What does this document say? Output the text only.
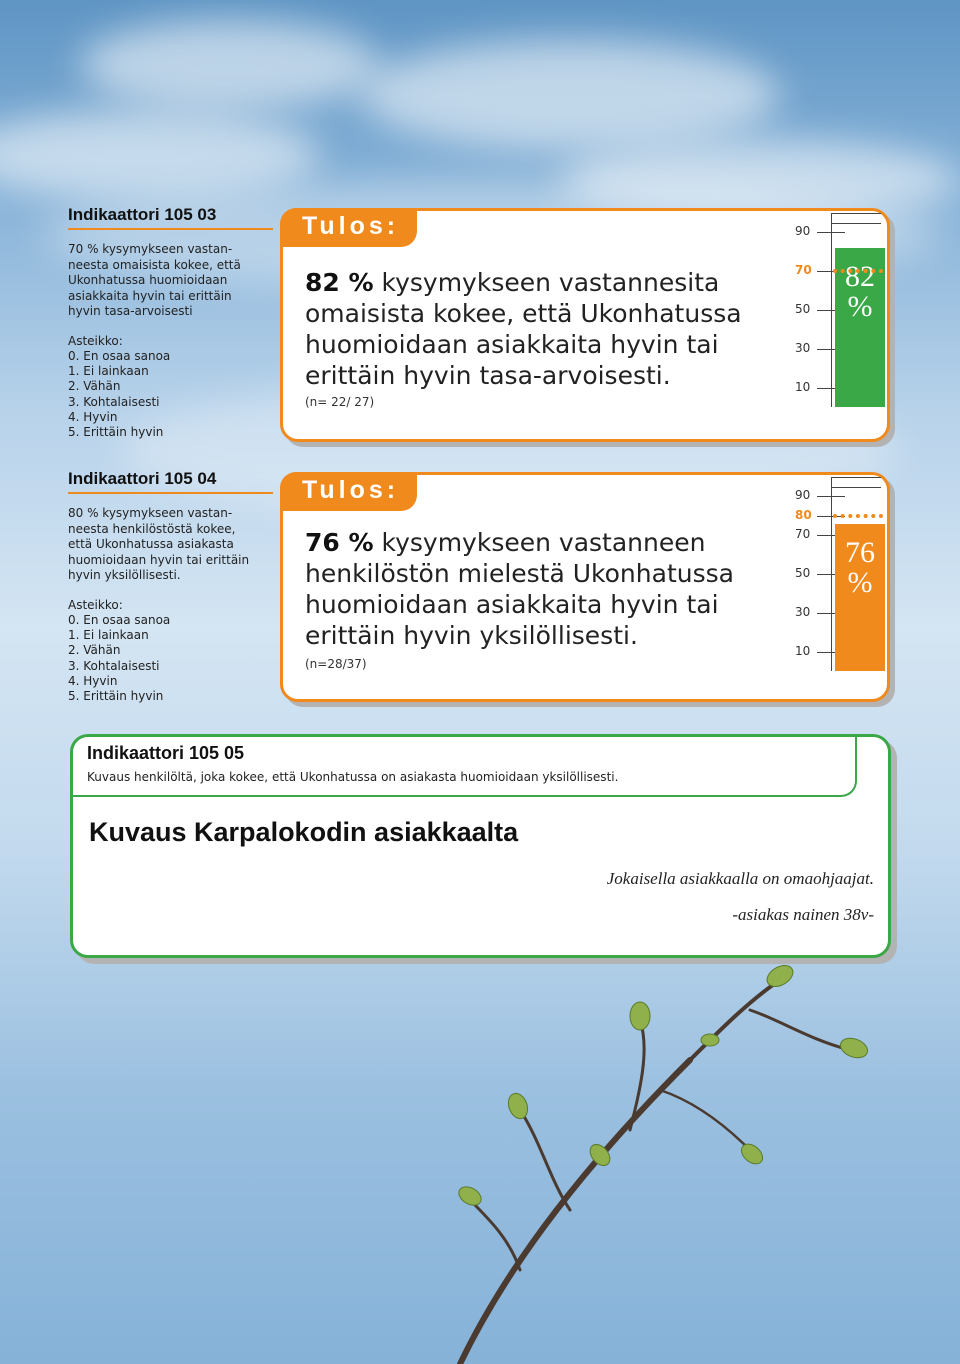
Indikaattori 105 03
70 % kysymykseen vastan-
neesta omaisista kokee, että
Ukonhatussa huomioidaan
asiakkaita hyvin tai erittäin
hyvin tasa-arvoisesti
Asteikko:
0. En osaa sanoa
1. Ei lainkaan
2. Vähän
3. Kohtalaisesti
4. Hyvin
5. Erittäin hyvin
Tulos:
82 % kysymykseen vastannesita omaisista kokee, että Ukonhatussa huomioidaan asiakkaita hyvin tai erittäin hyvin tasa-arvoisesti.
(n= 22/ 27)
90
70
50
30
10
82
%
Indikaattori 105 04
80 % kysymykseen vastan-
neesta henkilöstöstä kokee,
että Ukonhatussa asiakasta
huomioidaan hyvin tai erittäin
hyvin yksilöllisesti.
Asteikko:
0. En osaa sanoa
1. Ei lainkaan
2. Vähän
3. Kohtalaisesti
4. Hyvin
5. Erittäin hyvin
Tulos:
76 % kysymykseen vastanneen henkilöstön mielestä Ukonhatussa huomioidaan asiakkaita hyvin tai erittäin hyvin yksilöllisesti.
(n=28/37)
90
80
70
50
30
10
76
%
Indikaattori 105 05
Kuvaus henkilöltä, joka kokee, että Ukonhatussa on asiakasta huomioidaan yksilöllisesti.
Kuvaus Karpalokodin asiakkaalta
Jokaisella asiakkaalla on omaohjaajat.
-asiakas nainen 38v-
